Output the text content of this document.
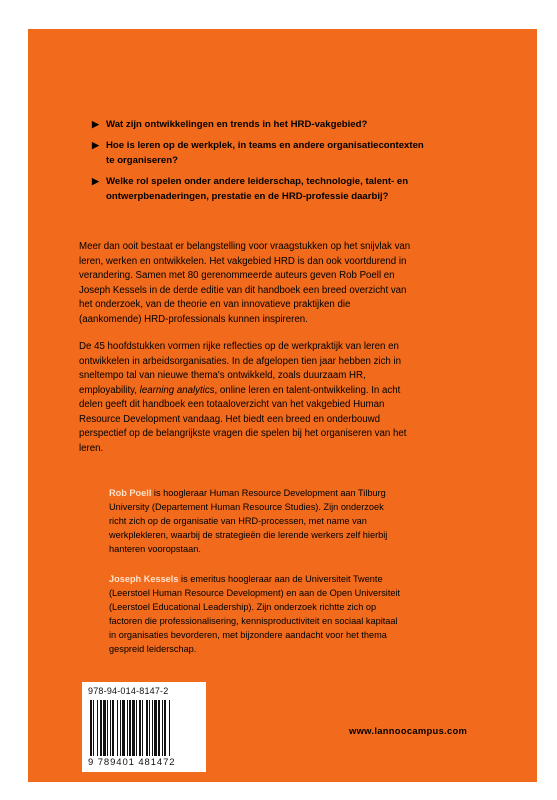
▶ Wat zijn ontwikkelingen en trends in het HRD-vakgebied?
▶ Hoe is leren op de werkplek, in teams en andere organisatiecontexten te organiseren?
▶ Welke rol spelen onder andere leiderschap, technologie, talent- en ontwerpbenaderingen, prestatie en de HRD-professie daarbij?

Meer dan ooit bestaat er belangstelling voor vraagstukken op het snijvlak van leren, werken en ontwikkelen. Het vakgebied HRD is dan ook voortdurend in verandering. Samen met 80 gerenommeerde auteurs geven Rob Poell en Joseph Kessels in de derde editie van dit handboek een breed overzicht van het onderzoek, van de theorie en van innovatieve praktijken die (aankomende) HRD-professionals kunnen inspireren.

De 45 hoofdstukken vormen rijke reflecties op de werkpraktijk van leren en ontwikkelen in arbeidsorganisaties. In de afgelopen tien jaar hebben zich in sneltempo tal van nieuwe thema's ontwikkeld, zoals duurzaam HR, employability, learning analytics, online leren en talent-ontwikkeling. In acht delen geeft dit handboek een totaaloverzicht van het vakgebied Human Resource Development vandaag. Het biedt een breed en onderbouwd perspectief op de belangrijkste vragen die spelen bij het organiseren van het leren.

Rob Poell is hoogleraar Human Resource Development aan Tilburg University (Departement Human Resource Studies). Zijn onderzoek richt zich op de organisatie van HRD-processen, met name van werkplekleren, waarbij de strategieën die lerende werkers zelf hierbij hanteren vooropstaan.

Joseph Kessels is emeritus hoogleraar aan de Universiteit Twente (Leerstoel Human Resource Development) en aan de Open Universiteit (Leerstoel Educational Leadership). Zijn onderzoek richtte zich op factoren die professionalisering, kennisproductiviteit en sociaal kapitaal in organisaties bevorderen, met bijzondere aandacht voor het thema gespreid leiderschap.

978-94-014-8147-2
9 789401 481472
www.lannoocampus.com
